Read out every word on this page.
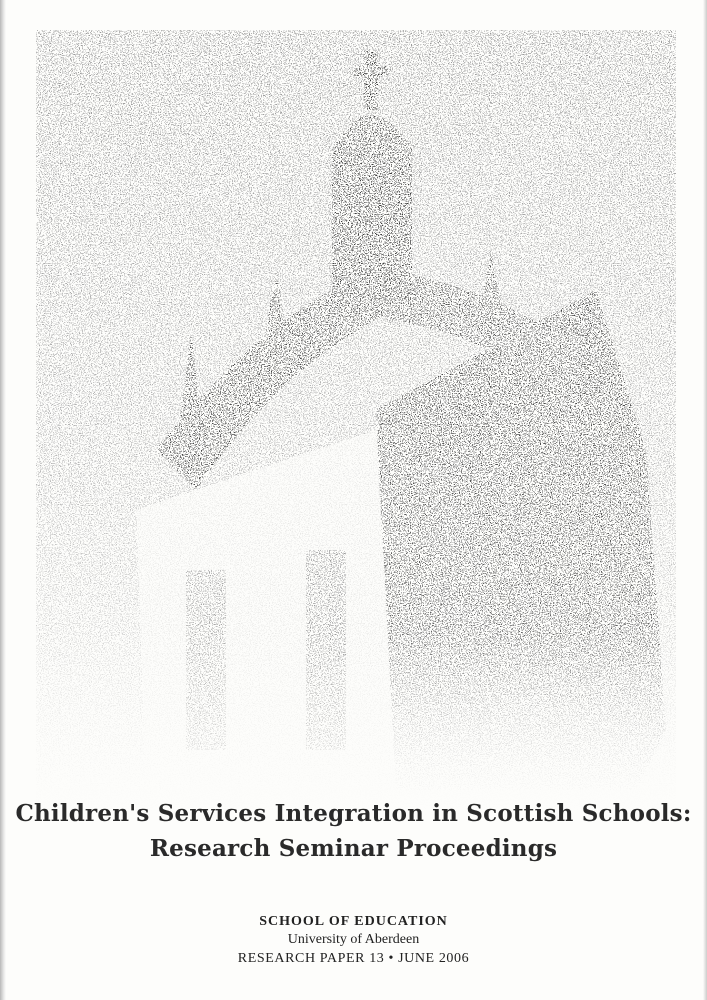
Children's Services Integration in Scottish Schools:

Research Seminar Proceedings

SCHOOL OF EDUCATION
University of Aberdeen
RESEARCH PAPER 13 • JUNE 2006
